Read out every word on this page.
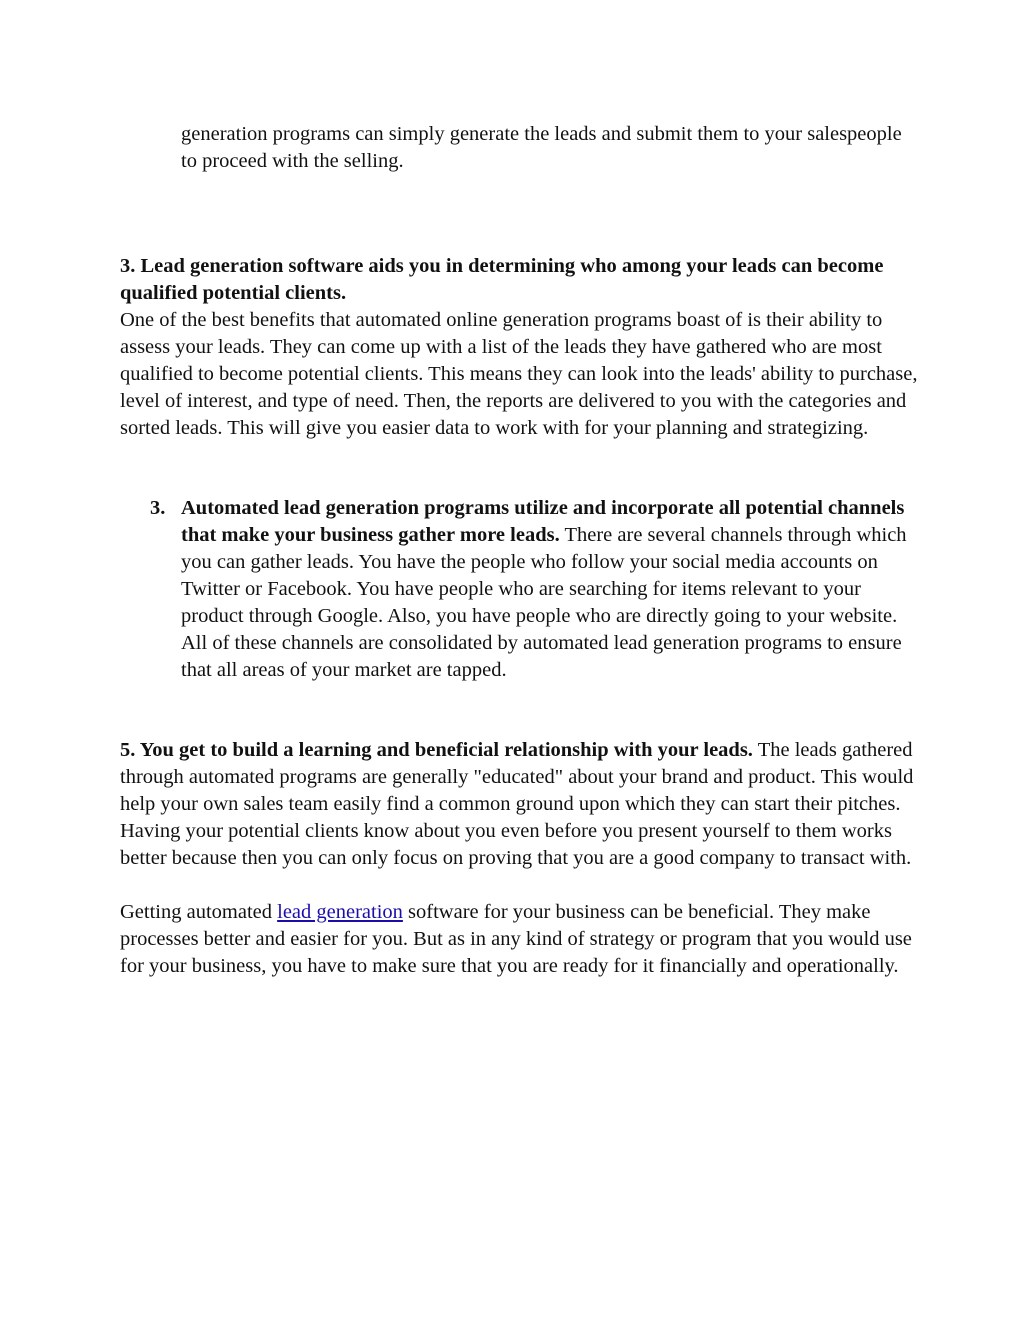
generation programs can simply generate the leads and submit them to your salespeople to proceed with the selling.

3. Lead generation software aids you in determining who among your leads can become qualified potential clients.
One of the best benefits that automated online generation programs boast of is their ability to assess your leads. They can come up with a list of the leads they have gathered who are most qualified to become potential clients. This means they can look into the leads' ability to purchase, level of interest, and type of need. Then, the reports are delivered to you with the categories and sorted leads. This will give you easier data to work with for your planning and strategizing.

3. Automated lead generation programs utilize and incorporate all potential channels that make your business gather more leads. There are several channels through which you can gather leads. You have the people who follow your social media accounts on Twitter or Facebook. You have people who are searching for items relevant to your product through Google. Also, you have people who are directly going to your website. All of these channels are consolidated by automated lead generation programs to ensure that all areas of your market are tapped.

5. You get to build a learning and beneficial relationship with your leads. The leads gathered through automated programs are generally "educated" about your brand and product. This would help your own sales team easily find a common ground upon which they can start their pitches. Having your potential clients know about you even before you present yourself to them works better because then you can only focus on proving that you are a good company to transact with.

Getting automated lead generation software for your business can be beneficial. They make processes better and easier for you. But as in any kind of strategy or program that you would use for your business, you have to make sure that you are ready for it financially and operationally.
